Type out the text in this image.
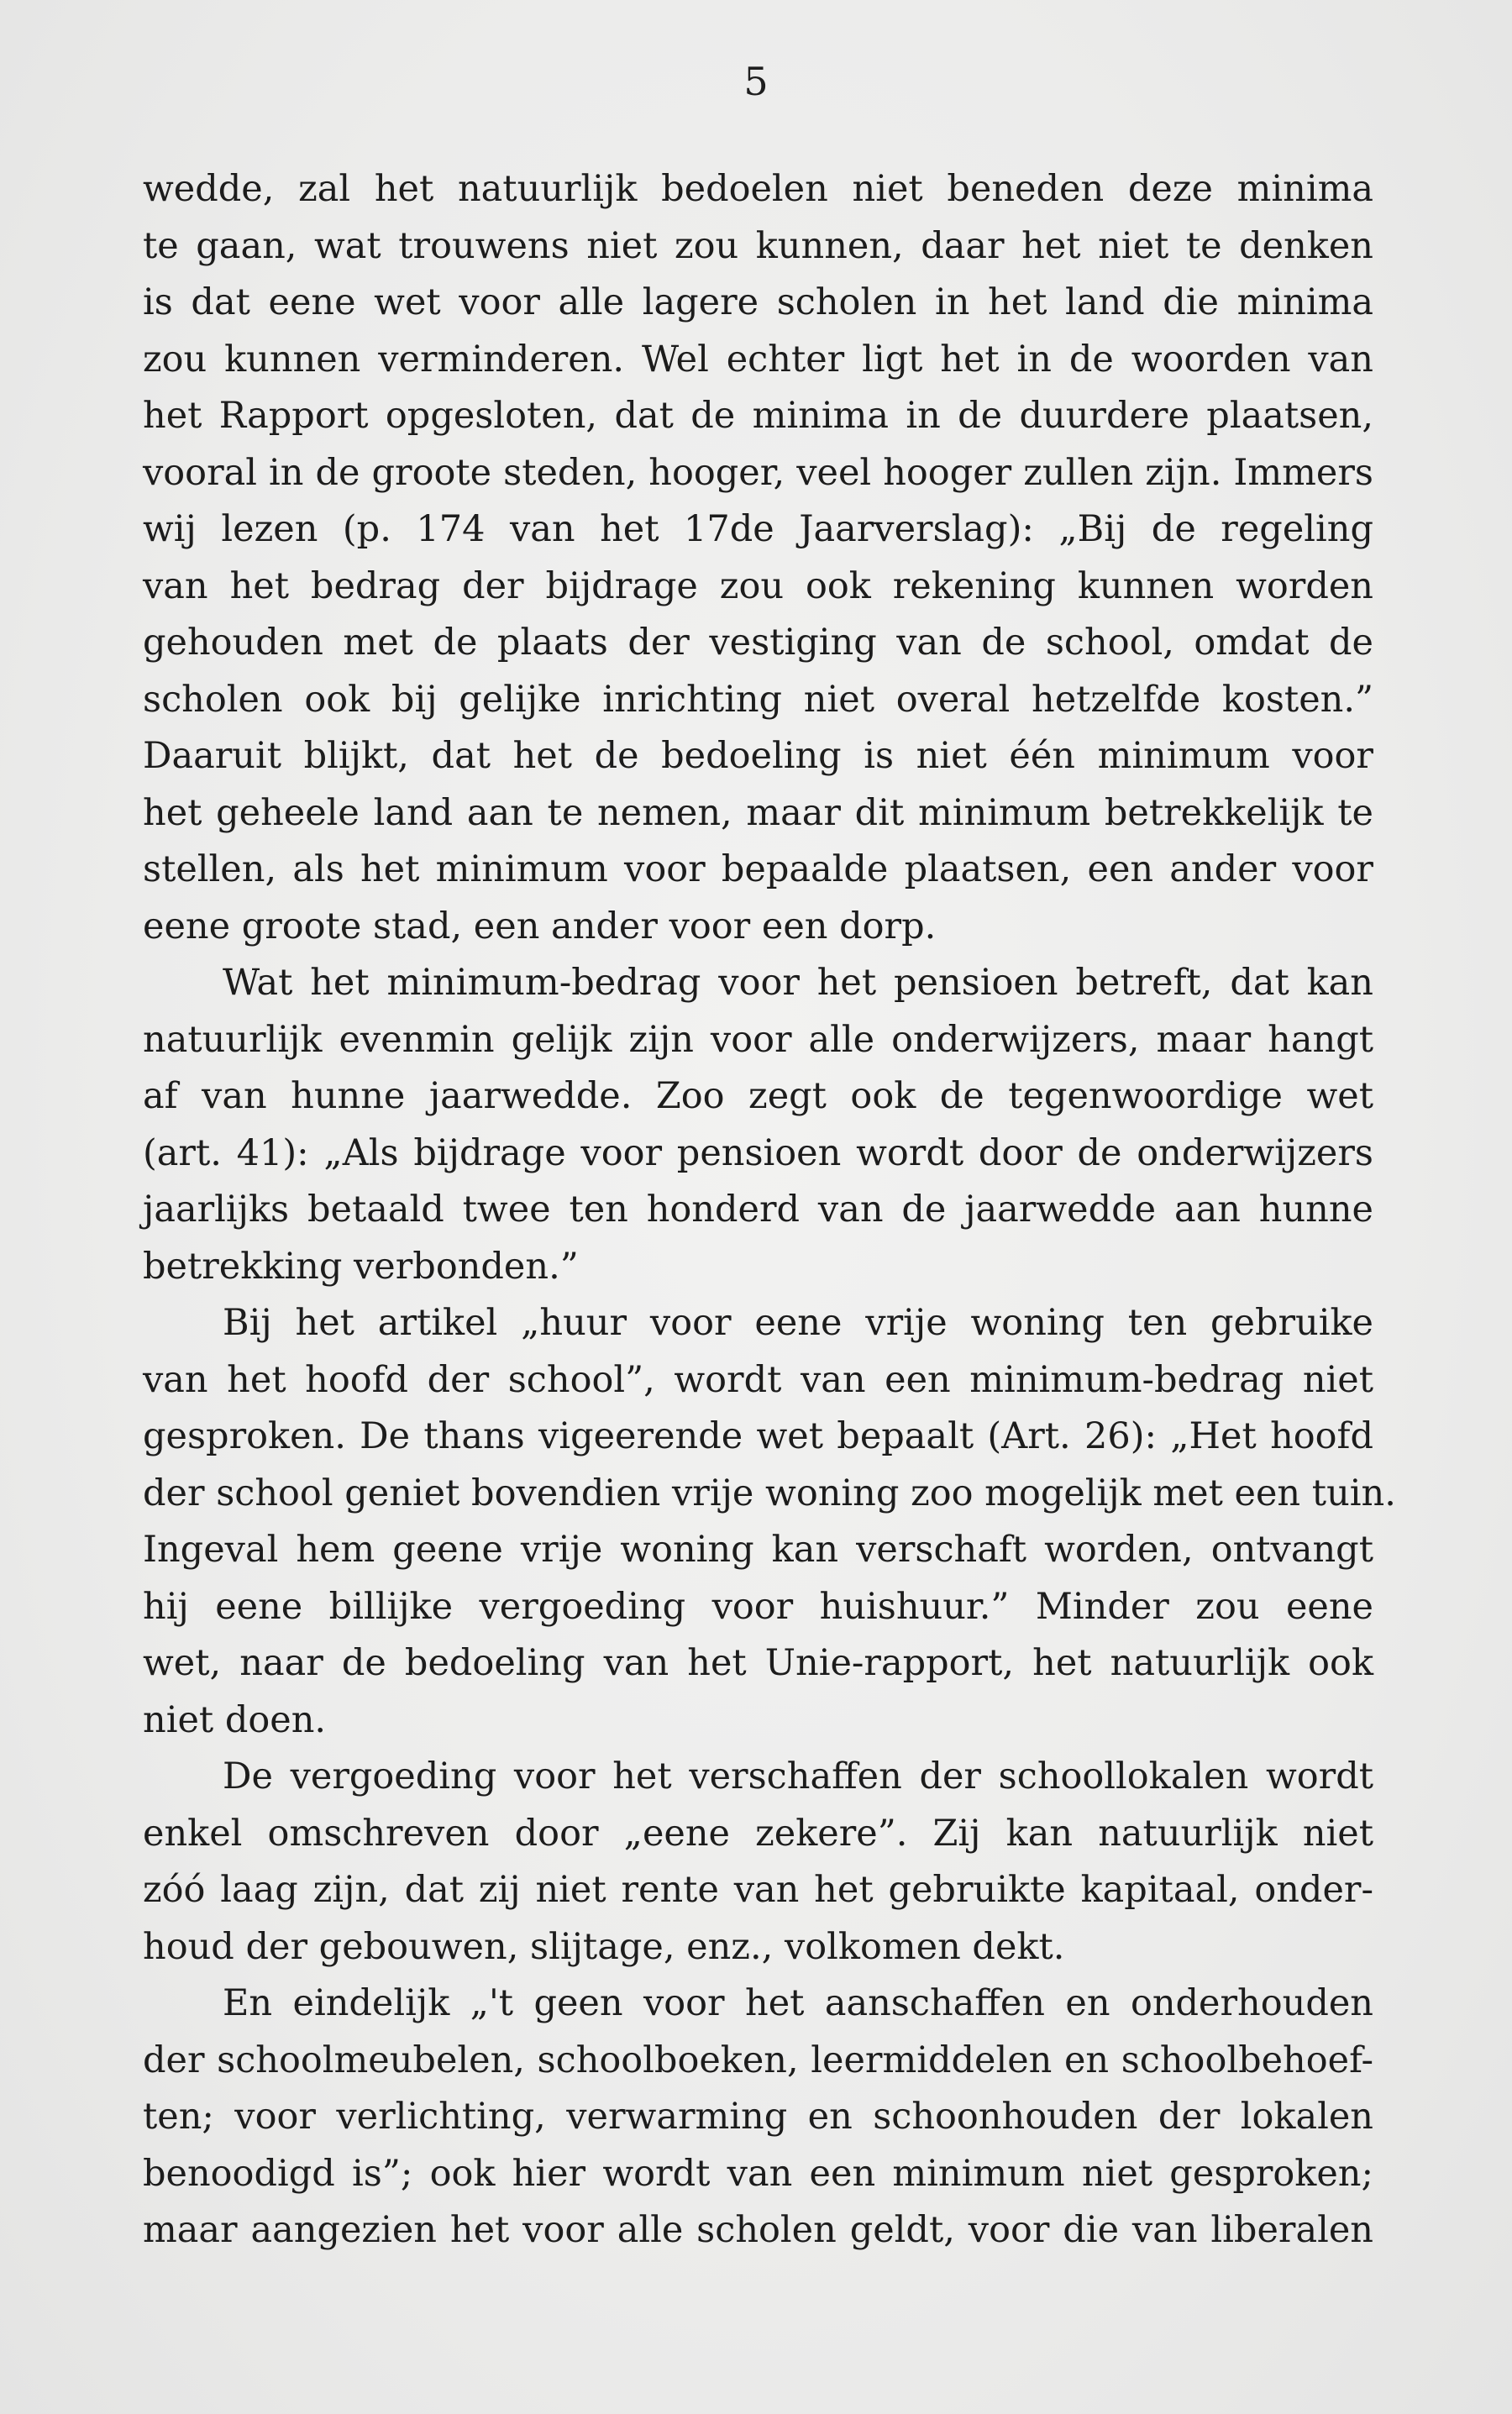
5
wedde, zal het natuurlijk bedoelen niet beneden deze minima
te gaan, wat trouwens niet zou kunnen, daar het niet te denken
is dat eene wet voor alle lagere scholen in het land die minima
zou kunnen verminderen. Wel echter ligt het in de woorden van
het Rapport opgesloten, dat de minima in de duurdere plaatsen,
vooral in de groote steden, hooger, veel hooger zullen zijn. Immers
wij lezen (p. 174 van het 17de Jaarverslag): „Bij de regeling
van het bedrag der bijdrage zou ook rekening kunnen worden
gehouden met de plaats der vestiging van de school, omdat de
scholen ook bij gelijke inrichting niet overal hetzelfde kosten.”
Daaruit blijkt, dat het de bedoeling is niet één minimum voor
het geheele land aan te nemen, maar dit minimum betrekkelijk te
stellen, als het minimum voor bepaalde plaatsen, een ander voor
eene groote stad, een ander voor een dorp.
Wat het minimum-bedrag voor het pensioen betreft, dat kan
natuurlijk evenmin gelijk zijn voor alle onderwijzers, maar hangt
af van hunne jaarwedde. Zoo zegt ook de tegenwoordige wet
(art. 41): „Als bijdrage voor pensioen wordt door de onderwijzers
jaarlijks betaald twee ten honderd van de jaarwedde aan hunne
betrekking verbonden.”
Bij het artikel „huur voor eene vrije woning ten gebruike
van het hoofd der school”, wordt van een minimum-bedrag niet
gesproken. De thans vigeerende wet bepaalt (Art. 26): „Het hoofd
der school geniet bovendien vrije woning zoo mogelijk met een tuin.
Ingeval hem geene vrije woning kan verschaft worden, ontvangt
hij eene billijke vergoeding voor huishuur.” Minder zou eene
wet, naar de bedoeling van het Unie-rapport, het natuurlijk ook
niet doen.
De vergoeding voor het verschaffen der schoollokalen wordt
enkel omschreven door „eene zekere”. Zij kan natuurlijk niet
zóó laag zijn, dat zij niet rente van het gebruikte kapitaal, onder-
houd der gebouwen, slijtage, enz., volkomen dekt.
En eindelijk „'t geen voor het aanschaffen en onderhouden
der schoolmeubelen, schoolboeken, leermiddelen en schoolbehoef-
ten; voor verlichting, verwarming en schoonhouden der lokalen
benoodigd is”; ook hier wordt van een minimum niet gesproken;
maar aangezien het voor alle scholen geldt, voor die van liberalen
